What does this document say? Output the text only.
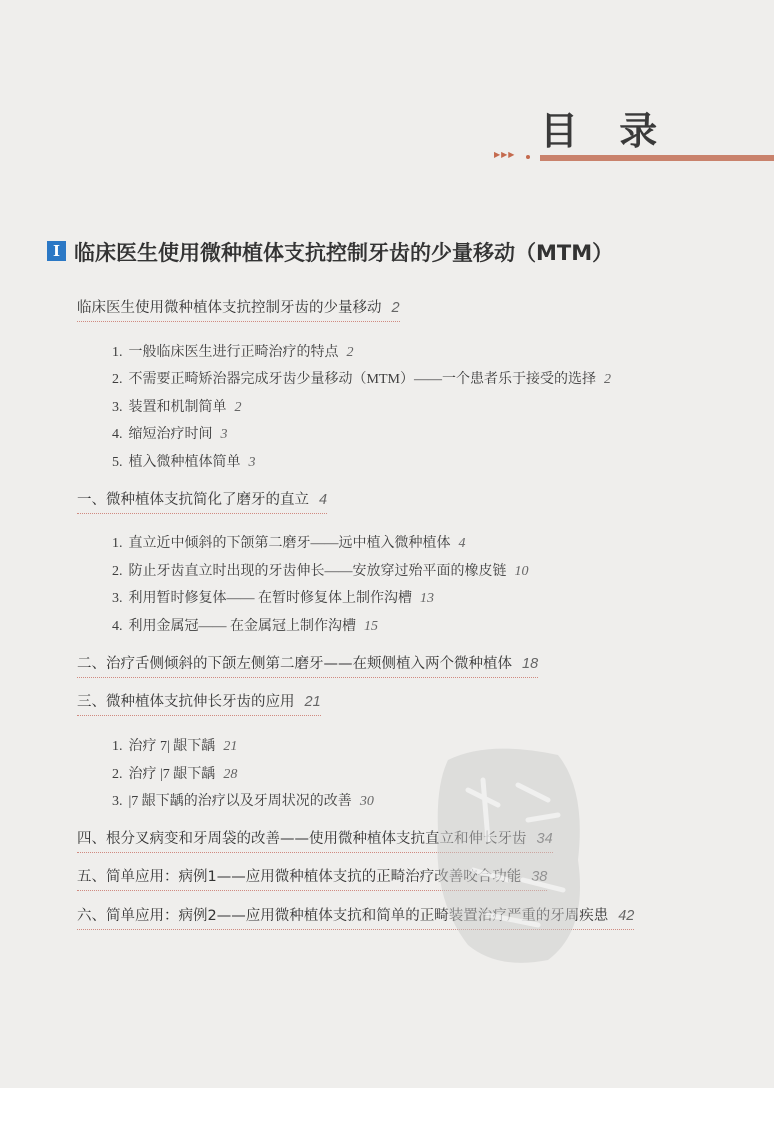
目 录
▶▶▶
I 临床医生使用微种植体支抗控制牙齿的少量移动（MTM）
临床医生使用微种植体支抗控制牙齿的少量移动 2
1. 一般临床医生进行正畸治疗的特点 2
2. 不需要正畸矫治器完成牙齿少量移动（MTM）——一个患者乐于接受的选择 2
3. 装置和机制简单 2
4. 缩短治疗时间 3
5. 植入微种植体简单 3
一、微种植体支抗简化了磨牙的直立 4
1. 直立近中倾斜的下颌第二磨牙——远中植入微种植体 4
2. 防止牙齿直立时出现的牙齿伸长——安放穿过殆平面的橡皮链 10
3. 利用暂时修复体—— 在暂时修复体上制作沟槽 13
4. 利用金属冠—— 在金属冠上制作沟槽 15
二、治疗舌侧倾斜的下颌左侧第二磨牙——在颊侧植入两个微种植体 18
三、微种植体支抗伸长牙齿的应用 21
1. 治疗 7| 龈下龋 21
2. 治疗 |7 龈下龋 28
3. |7 龈下龋的治疗以及牙周状况的改善 30
四、根分叉病变和牙周袋的改善——使用微种植体支抗直立和伸长牙齿 34
五、简单应用：病例1——应用微种植体支抗的正畸治疗改善咬合功能 38
六、简单应用：病例2——应用微种植体支抗和简单的正畸装置治疗严重的牙周疾患 42
